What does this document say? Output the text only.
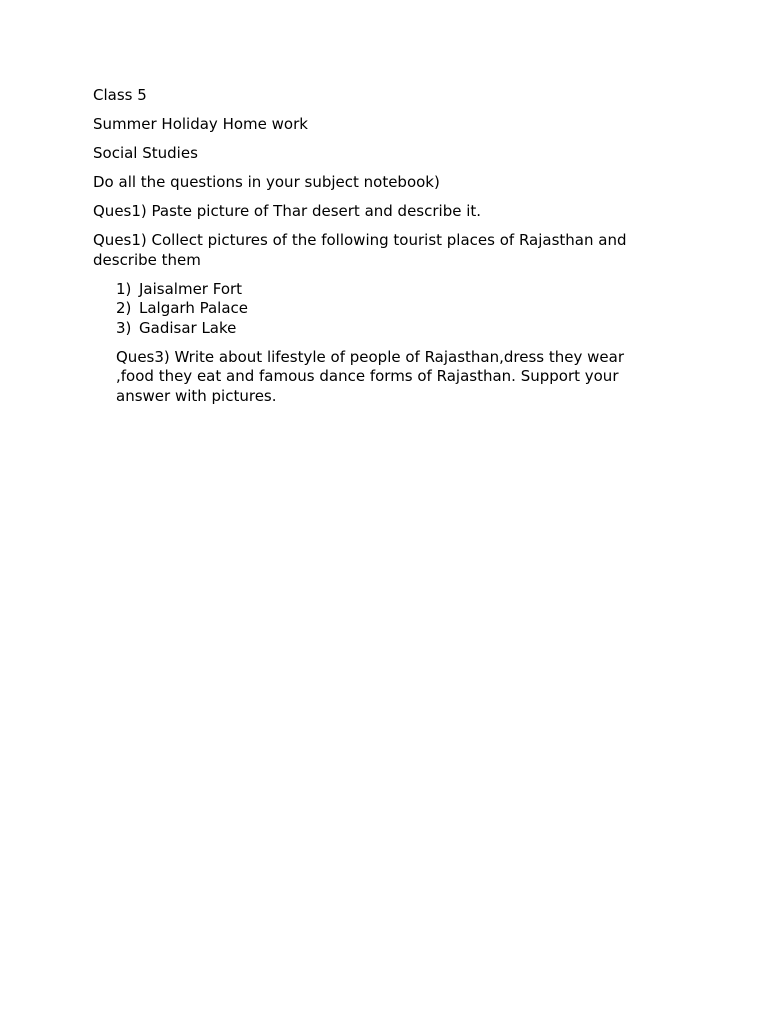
Class 5

Summer Holiday Home work

Social Studies

Do all the questions in your subject notebook)

Ques1) Paste picture of Thar desert and describe it.

Ques1) Collect pictures of the following tourist places of Rajasthan and describe them

1) Jaisalmer Fort
2) Lalgarh Palace
3) Gadisar Lake

Ques3) Write about lifestyle of people of Rajasthan,dress they wear ,food they eat and famous dance forms of Rajasthan. Support your answer with pictures.
